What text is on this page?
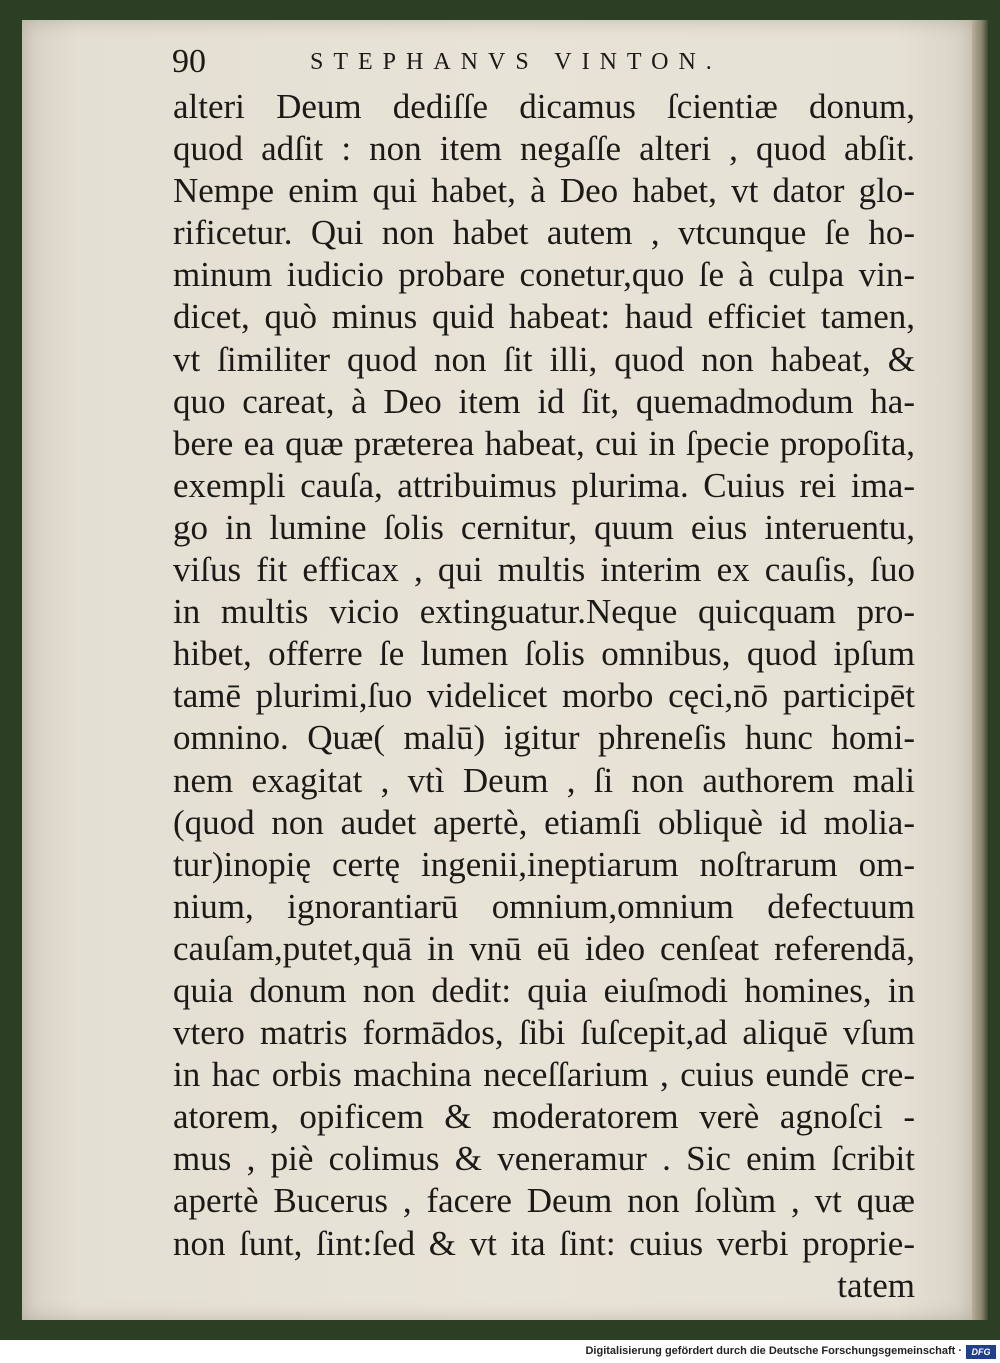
90	STEPHANVS VINTON.
alteri Deum dediſſe dicamus ſcientiæ donum,
quod adſit : non item negaſſe alteri , quod abſit.
Nempe enim qui habet, à Deo habet, vt dator glo-
rificetur. Qui non habet autem , vtcunque ſe ho-
minum iudicio probare conetur,quo ſe à culpa vin-
dicet, quò minus quid habeat: haud efficiet tamen,
vt ſimiliter quod non ſit illi, quod non habeat, &
quo careat, à Deo item id ſit, quemadmodum ha-
bere ea quæ præterea habeat, cui in ſpecie propoſita,
exempli cauſa, attribuimus plurima. Cuius rei ima-
go in lumine ſolis cernitur, quum eius interuentu,
viſus fit efficax , qui multis interim ex cauſis, ſuo
in multis vicio extinguatur.Neque quicquam pro-
hibet, offerre ſe lumen ſolis omnibus, quod ipſum
tamē plurimi,ſuo videlicet morbo cęci,nō participēt
omnino. Quæ( malū) igitur phreneſis hunc homi-
nem exagitat , vtì Deum , ſi non authorem mali
(quod non audet apertè, etiamſi obliquè id molia-
tur)inopię certę ingenii,ineptiarum noſtrarum om-
nium, ignorantiarū omnium,omnium defectuum
cauſam,putet,quā in vnū eū ideo cenſeat referendā,
quia donum non dedit: quia eiuſmodi homines, in
vtero matris formādos, ſibi ſuſcepit,ad aliquē vſum
in hac orbis machina neceſſarium , cuius eundē cre-
atorem, opificem & moderatorem verè agnoſci -
mus , piè colimus & veneramur . Sic enim ſcribit
apertè Bucerus , facere Deum non ſolùm , vt quæ
non ſunt, ſint:ſed & vt ita ſint: cuius verbi proprie-
tatem
Digitalisierung gefördert durch die Deutsche Forschungsgemeinschaft ·	DFG
